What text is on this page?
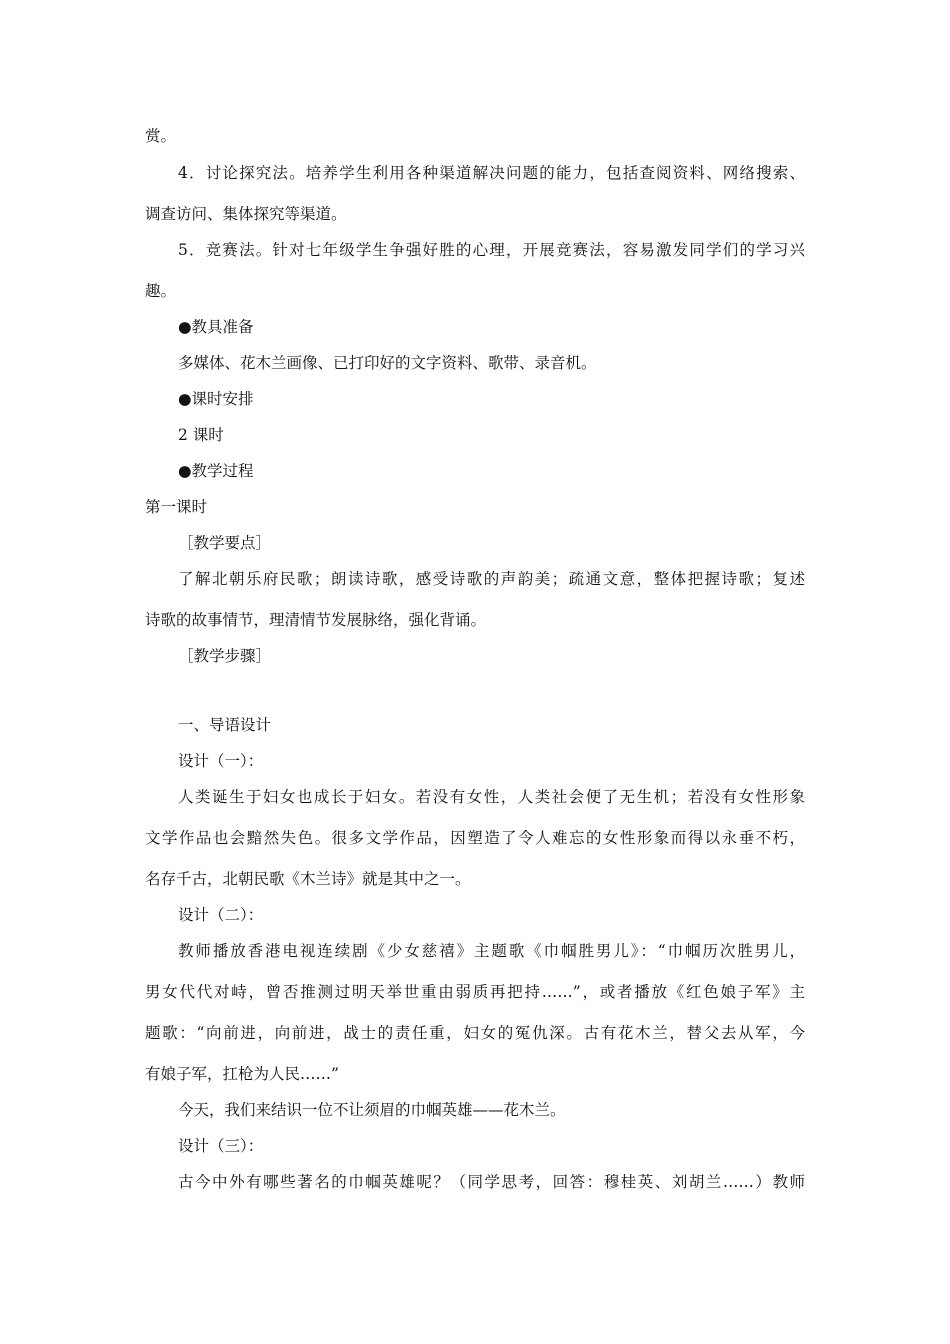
赏。

4．讨论探究法。培养学生利用各种渠道解决问题的能力，包括查阅资料、网络搜索、

调查访问、集体探究等渠道。

5．竞赛法。针对七年级学生争强好胜的心理，开展竞赛法，容易激发同学们的学习兴

趣。

●教具准备

多媒体、花木兰画像、已打印好的文字资料、歌带、录音机。

●课时安排

2 课时

●教学过程

第一课时

［教学要点］

了解北朝乐府民歌；朗读诗歌，感受诗歌的声韵美；疏通文意，整体把握诗歌；复述

诗歌的故事情节，理清情节发展脉络，强化背诵。

［教学步骤］

一、导语设计

设计（一）：

人类诞生于妇女也成长于妇女。若没有女性，人类社会便了无生机；若没有女性形象

文学作品也会黯然失色。很多文学作品，因塑造了令人难忘的女性形象而得以永垂不朽，

名存千古，北朝民歌《木兰诗》就是其中之一。

设计（二）：

教师播放香港电视连续剧《少女慈禧》主题歌《巾帼胜男儿》：“巾帼历次胜男儿，

男女代代对峙，曾否推测过明天举世重由弱质再把持……”，或者播放《红色娘子军》主

题歌：“向前进，向前进，战士的责任重，妇女的冤仇深。古有花木兰，替父去从军，今

有娘子军，扛枪为人民……”

今天，我们来结识一位不让须眉的巾帼英雄——花木兰。

设计（三）：

古今中外有哪些著名的巾帼英雄呢？（同学思考，回答：穆桂英、刘胡兰……）教师
